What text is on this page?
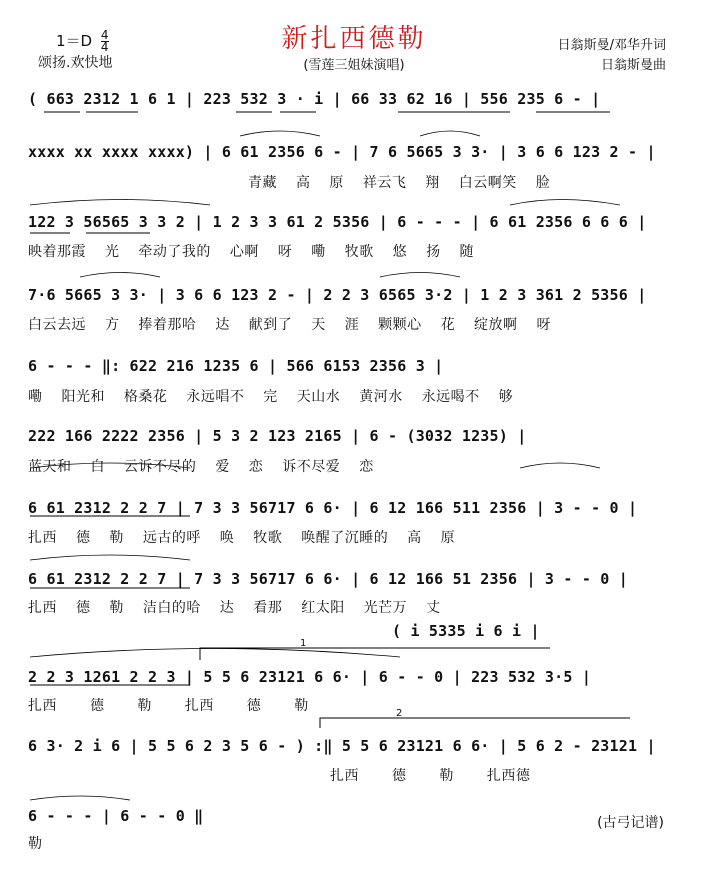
新扎西德勒
$1=D \frac{4}{4}$
颂扬.欢快地	(雪莲三姐妹演唱)
日翁斯曼/邓华升词
日翁斯曼曲
( 663 2312 1 6 1 | 223 532 3 · i | 66 33 62 16 | 556 235 6 - |
xxxx xx xxxx xxxx) | 6 61 2356 6 - | 7 6 5665 3 3· | 3 6 6 123 2 - |
青藏 高 原 祥云飞 翔 白云啊笑 脸
122 3 56565 3 3 2 | 1 2 3 3 61 2 5356 | 6 - - - | 6 61 2356 6 6 6 |
映着那霞 光 牵动了我的 心啊 呀 嘞 牧歌 悠 扬 随
7·6 5665 3 3· | 3 6 6 123 2 - | 2 2 3 6565 3·2 | 1 2 3 361 2 5356 |
白云去远 方 捧着那哈 达 献到了 天 涯 颗颗心 花 绽放啊 呀
6 - - - ‖: 622 216 1235 6 | 566 6153 2356 3 |
嘞 阳光和 格桑花 永远唱不 完 天山水 黄河水 永远喝不 够
222 166 2222 2356 | 5 3 2 123 2165 | 6 - (3032 1235) |
蓝天和 白 云诉不尽的 爱 恋 诉不尽爱 恋
6 61 2312 2 2 7 | 7 3 3 56717 6 6· | 6 12 166 511 2356 | 3 - - 0 |
扎西 德 勒 远古的呼 唤 牧歌 唤醒了沉睡的 高 原
6 61 2312 2 2 7 | 7 3 3 56717 6 6· | 6 12 166 51 2356 | 3 - - 0 |
扎西 德 勒 洁白的哈 达 看那 红太阳 光芒万 丈
( i 5335 i 6 i |
1
2
2 2 3 1261 2 2 3 | 5 5 6 23121 6 6· | 6 - - 0 | 223 532 3·5 |
扎西 德 勒 扎西 德 勒
6 3· 2 i 6 | 5 5 6 2 3 5 6 - ) :‖ 5 5 6 23121 6 6· | 5 6 2 - 23121 |
扎西 德 勒 扎西德
6 - - - | 6 - - 0 ‖
勒
(古弓记谱)
